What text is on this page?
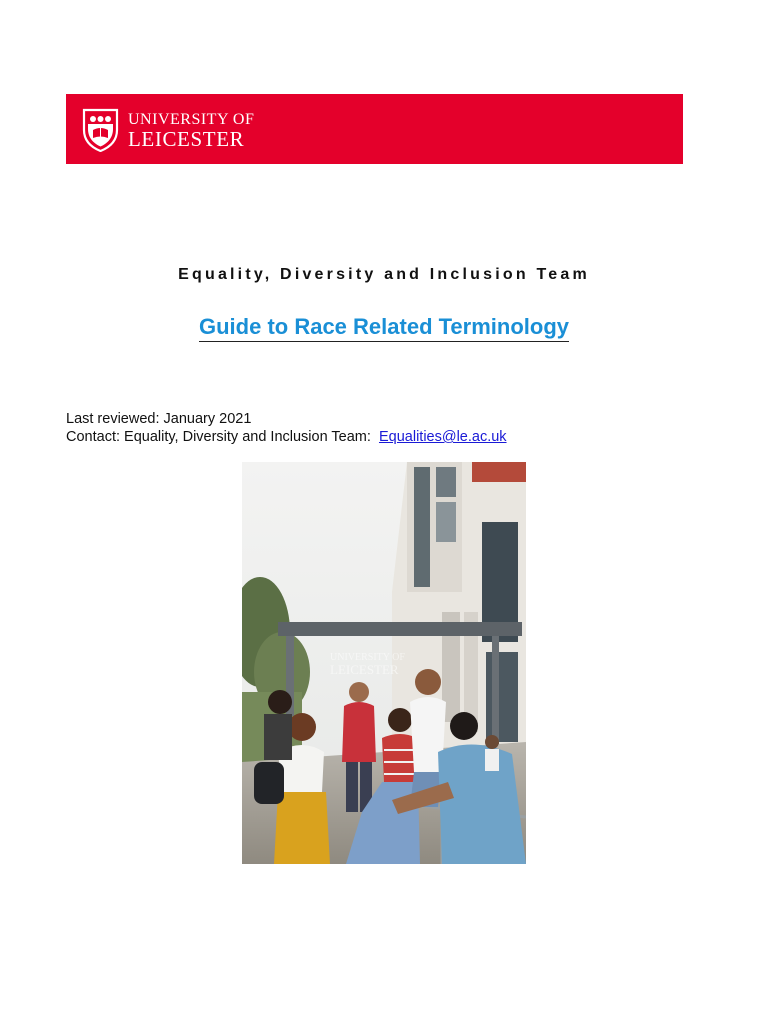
UNIVERSITY OF
LEICESTER
Equality, Diversity and Inclusion Team
Guide to Race Related Terminology
Last reviewed: January 2021
Contact: Equality, Diversity and Inclusion Team: Equalities@le.ac.uk
UNIVERSITY OF
LEICESTER
